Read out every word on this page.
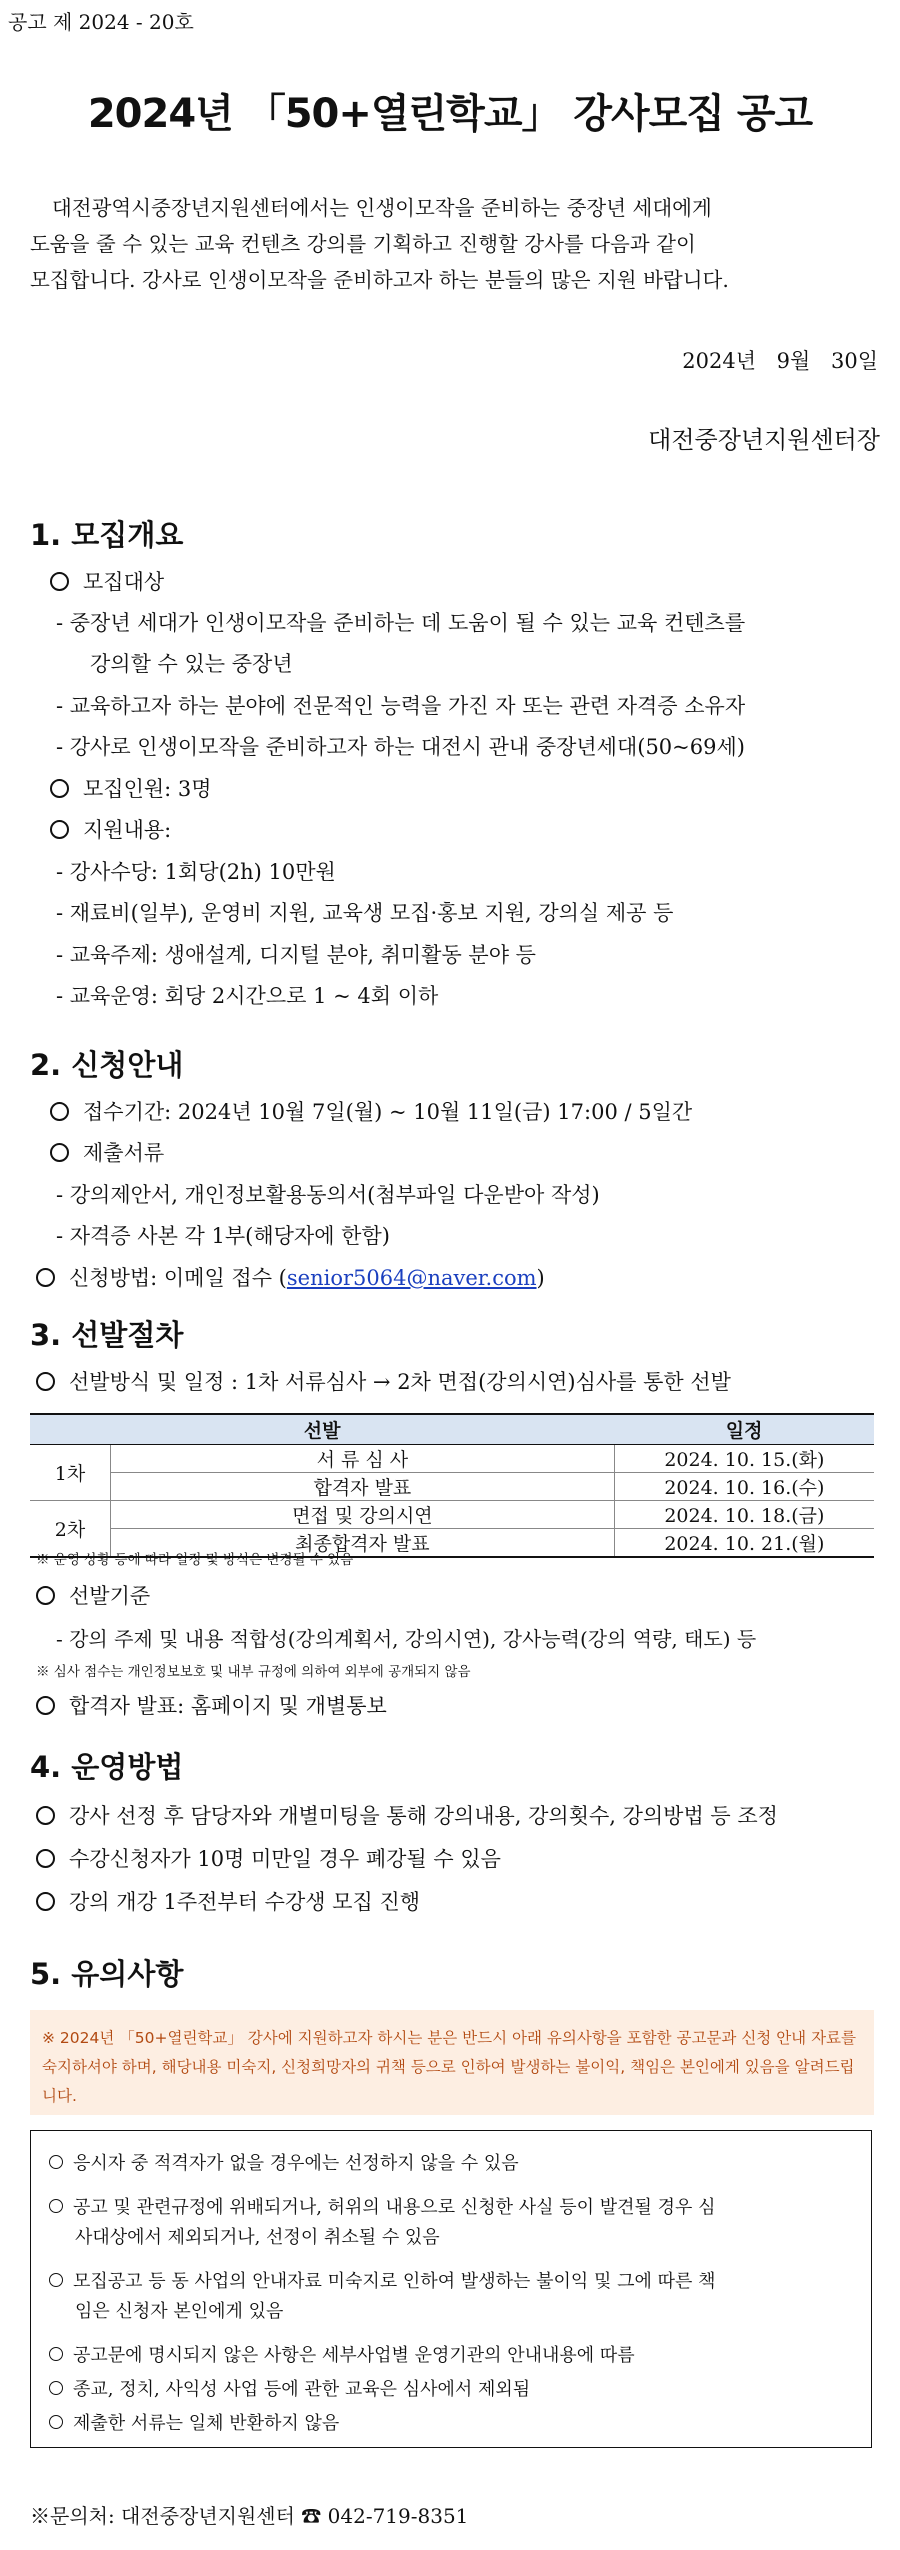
공고 제 2024 - 20호
2024년 「50+열린학교」 강사모집 공고
대전광역시중장년지원센터에서는 인생이모작을 준비하는 중장년 세대에게
도움을 줄 수 있는 교육 컨텐츠 강의를 기획하고 진행할 강사를 다음과 같이
모집합니다. 강사로 인생이모작을 준비하고자 하는 분들의 많은 지원 바랍니다.
2024년 9월 30일
대전중장년지원센터장
1. 모집개요
모집대상
- 중장년 세대가 인생이모작을 준비하는 데 도움이 될 수 있는 교육 컨텐츠를
강의할 수 있는 중장년
- 교육하고자 하는 분야에 전문적인 능력을 가진 자 또는 관련 자격증 소유자
- 강사로 인생이모작을 준비하고자 하는 대전시 관내 중장년세대(50~69세)
모집인원: 3명
지원내용:
- 강사수당: 1회당(2h) 10만원
- 재료비(일부), 운영비 지원, 교육생 모집·홍보 지원, 강의실 제공 등
- 교육주제: 생애설계, 디지털 분야, 취미활동 분야 등
- 교육운영: 회당 2시간으로 1 ~ 4회 이하
2. 신청안내
접수기간: 2024년 10월 7일(월) ~ 10월 11일(금) 17:00 / 5일간
제출서류
- 강의제안서, 개인정보활용동의서(첨부파일 다운받아 작성)
- 자격증 사본 각 1부(해당자에 한함)
신청방법: 이메일 접수 (senior5064@naver.com)
3. 선발절차
선발방식 및 일정 : 1차 서류심사 → 2차 면접(강의시연)심사를 통한 선발
선발		일정
1차	서 류 심 사	2024. 10. 15.(화)
	합격자 발표	2024. 10. 16.(수)
2차	면접 및 강의시연	2024. 10. 18.(금)
	최종합격자 발표	2024. 10. 21.(월)
※ 운영 상황 등에 따라 일정 및 방식은 변경될 수 있음
선발기준
- 강의 주제 및 내용 적합성(강의계획서, 강의시연), 강사능력(강의 역량, 태도) 등
※ 심사 점수는 개인정보보호 및 내부 규정에 의하여 외부에 공개되지 않음
합격자 발표: 홈페이지 및 개별통보
4. 운영방법
강사 선정 후 담당자와 개별미팅을 통해 강의내용, 강의횟수, 강의방법 등 조정
수강신청자가 10명 미만일 경우 폐강될 수 있음
강의 개강 1주전부터 수강생 모집 진행
5. 유의사항
※ 2024년 「50+열린학교」 강사에 지원하고자 하시는 분은 반드시 아래 유의사항을 포함한 공고문과 신청 안내 자료를 숙지하셔야 하며, 해당내용 미숙지, 신청희망자의 귀책 등으로 인하여 발생하는 불이익, 책임은 본인에게 있음을 알려드립니다.
응시자 중 적격자가 없을 경우에는 선정하지 않을 수 있음
공고 및 관련규정에 위배되거나, 허위의 내용으로 신청한 사실 등이 발견될 경우 심
사대상에서 제외되거나, 선정이 취소될 수 있음
모집공고 등 동 사업의 안내자료 미숙지로 인하여 발생하는 불이익 및 그에 따른 책
임은 신청자 본인에게 있음
공고문에 명시되지 않은 사항은 세부사업별 운영기관의 안내내용에 따름
종교, 정치, 사익성 사업 등에 관한 교육은 심사에서 제외됨
제출한 서류는 일체 반환하지 않음
※문의처: 대전중장년지원센터 ☎ 042-719-8351
